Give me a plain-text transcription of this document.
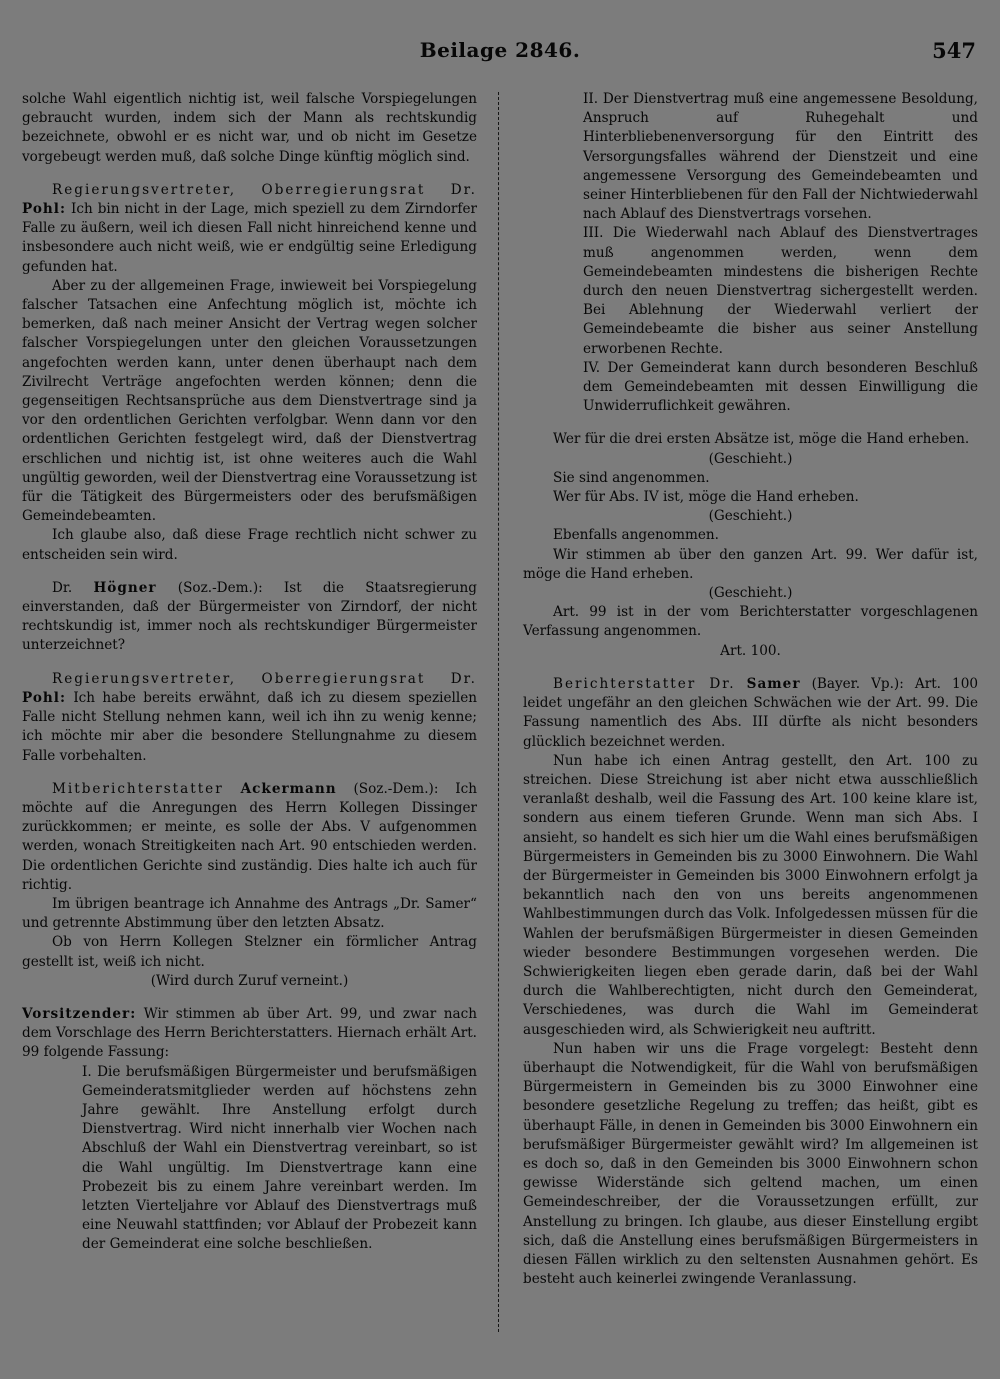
Beilage 2846.	547

solche Wahl eigentlich nichtig ist, weil falsche Vorspiegelungen gebraucht wurden, indem sich der Mann als rechtskundig bezeichnete, obwohl er es nicht war, und ob nicht im Gesetze vorgebeugt werden muß, daß solche Dinge künftig möglich sind.

Regierungsvertreter, Oberregierungsrat Dr. Pohl: Ich bin nicht in der Lage, mich speziell zu dem Zirndorfer Falle zu äußern, weil ich diesen Fall nicht hinreichend kenne und insbesondere auch nicht weiß, wie er endgültig seine Erledigung gefunden hat.

Aber zu der allgemeinen Frage, inwieweit bei Vorspiegelung falscher Tatsachen eine Anfechtung möglich ist, möchte ich bemerken, daß nach meiner Ansicht der Vertrag wegen solcher falscher Vorspiegelungen unter den gleichen Voraussetzungen angefochten werden kann, unter denen überhaupt nach dem Zivilrecht Verträge angefochten werden können; denn die gegenseitigen Rechtsansprüche aus dem Dienstvertrage sind ja vor den ordentlichen Gerichten verfolgbar. Wenn dann vor den ordentlichen Gerichten festgelegt wird, daß der Dienstvertrag erschlichen und nichtig ist, ist ohne weiteres auch die Wahl ungültig geworden, weil der Dienstvertrag eine Voraussetzung ist für die Tätigkeit des Bürgermeisters oder des berufsmäßigen Gemeindebeamten.

Ich glaube also, daß diese Frage rechtlich nicht schwer zu entscheiden sein wird.

Dr. Högner (Soz.-Dem.): Ist die Staatsregierung einverstanden, daß der Bürgermeister von Zirndorf, der nicht rechtskundig ist, immer noch als rechtskundiger Bürgermeister unterzeichnet?

Regierungsvertreter, Oberregierungsrat Dr. Pohl: Ich habe bereits erwähnt, daß ich zu diesem speziellen Falle nicht Stellung nehmen kann, weil ich ihn zu wenig kenne; ich möchte mir aber die besondere Stellungnahme zu diesem Falle vorbehalten.

Mitberichterstatter Ackermann (Soz.-Dem.): Ich möchte auf die Anregungen des Herrn Kollegen Dissinger zurückkommen; er meinte, es solle der Abs. V aufgenommen werden, wonach Streitigkeiten nach Art. 90 entschieden werden. Die ordentlichen Gerichte sind zuständig. Dies halte ich auch für richtig.

Im übrigen beantrage ich Annahme des Antrags „Dr. Samer“ und getrennte Abstimmung über den letzten Absatz.

Ob von Herrn Kollegen Stelzner ein förmlicher Antrag gestellt ist, weiß ich nicht.

(Wird durch Zuruf verneint.)

Vorsitzender: Wir stimmen ab über Art. 99, und zwar nach dem Vorschlage des Herrn Berichterstatters. Hiernach erhält Art. 99 folgende Fassung:

I. Die berufsmäßigen Bürgermeister und berufsmäßigen Gemeinderatsmitglieder werden auf höchstens zehn Jahre gewählt. Ihre Anstellung erfolgt durch Dienstvertrag. Wird nicht innerhalb vier Wochen nach Abschluß der Wahl ein Dienstvertrag vereinbart, so ist die Wahl ungültig. Im Dienstvertrage kann eine Probezeit bis zu einem Jahre vereinbart werden. Im letzten Vierteljahre vor Ablauf des Dienstvertrags muß eine Neuwahl stattfinden; vor Ablauf der Probezeit kann der Gemeinderat eine solche beschließen.

II. Der Dienstvertrag muß eine angemessene Besoldung, Anspruch auf Ruhegehalt und Hinterbliebenenversorgung für den Eintritt des Versorgungsfalles während der Dienstzeit und eine angemessene Versorgung des Gemeindebeamten und seiner Hinterbliebenen für den Fall der Nichtwiederwahl nach Ablauf des Dienstvertrags vorsehen.

III. Die Wiederwahl nach Ablauf des Dienstvertrages muß angenommen werden, wenn dem Gemeindebeamten mindestens die bisherigen Rechte durch den neuen Dienstvertrag sichergestellt werden. Bei Ablehnung der Wiederwahl verliert der Gemeindebeamte die bisher aus seiner Anstellung erworbenen Rechte.

IV. Der Gemeinderat kann durch besonderen Beschluß dem Gemeindebeamten mit dessen Einwilligung die Unwiderruflichkeit gewähren.

Wer für die drei ersten Absätze ist, möge die Hand erheben.

(Geschieht.)

Sie sind angenommen.

Wer für Abs. IV ist, möge die Hand erheben.

(Geschieht.)

Ebenfalls angenommen.

Wir stimmen ab über den ganzen Art. 99. Wer dafür ist, möge die Hand erheben.

(Geschieht.)

Art. 99 ist in der vom Berichterstatter vorgeschlagenen Verfassung angenommen.

Art. 100.

Berichterstatter Dr. Samer (Bayer. Vp.): Art. 100 leidet ungefähr an den gleichen Schwächen wie der Art. 99. Die Fassung namentlich des Abs. III dürfte als nicht besonders glücklich bezeichnet werden.

Nun habe ich einen Antrag gestellt, den Art. 100 zu streichen. Diese Streichung ist aber nicht etwa ausschließlich veranlaßt deshalb, weil die Fassung des Art. 100 keine klare ist, sondern aus einem tieferen Grunde. Wenn man sich Abs. I ansieht, so handelt es sich hier um die Wahl eines berufsmäßigen Bürgermeisters in Gemeinden bis zu 3000 Einwohnern. Die Wahl der Bürgermeister in Gemeinden bis 3000 Einwohnern erfolgt ja bekanntlich nach den von uns bereits angenommenen Wahlbestimmungen durch das Volk. Infolgedessen müssen für die Wahlen der berufsmäßigen Bürgermeister in diesen Gemeinden wieder besondere Bestimmungen vorgesehen werden. Die Schwierigkeiten liegen eben gerade darin, daß bei der Wahl durch die Wahlberechtigten, nicht durch den Gemeinderat, Verschiedenes, was durch die Wahl im Gemeinderat ausgeschieden wird, als Schwierigkeit neu auftritt.

Nun haben wir uns die Frage vorgelegt: Besteht denn überhaupt die Notwendigkeit, für die Wahl von berufsmäßigen Bürgermeistern in Gemeinden bis zu 3000 Einwohner eine besondere gesetzliche Regelung zu treffen; das heißt, gibt es überhaupt Fälle, in denen in Gemeinden bis 3000 Einwohnern ein berufsmäßiger Bürgermeister gewählt wird? Im allgemeinen ist es doch so, daß in den Gemeinden bis 3000 Einwohnern schon gewisse Widerstände sich geltend machen, um einen Gemeindeschreiber, der die Voraussetzungen erfüllt, zur Anstellung zu bringen. Ich glaube, aus dieser Einstellung ergibt sich, daß die Anstellung eines berufsmäßigen Bürgermeisters in diesen Fällen wirklich zu den seltensten Ausnahmen gehört. Es besteht auch keinerlei zwingende Veranlassung.
